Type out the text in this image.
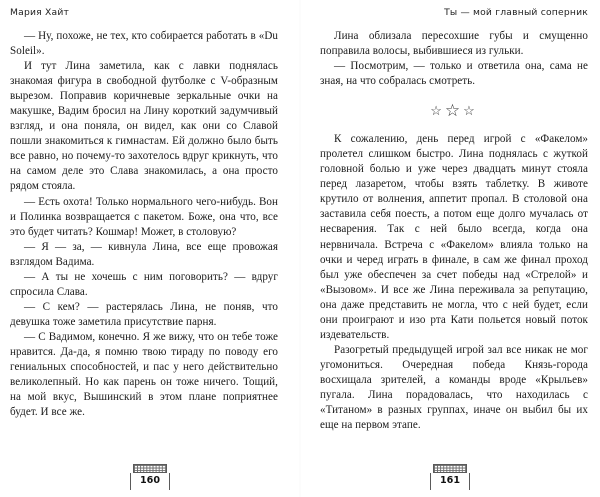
Мария Хайт

— Ну, похоже, не тех, кто собирается работать в «Du Soleil».

И тут Лина заметила, как с лавки поднялась знакомая фигура в свободной футболке с V-образным вырезом. Поправив коричневые зеркальные очки на макушке, Вадим бросил на Лину короткий задумчивый взгляд, и она поняла, он видел, как они со Славой пошли знакомиться к гимнастам. Ей должно было быть все равно, но почему-то захотелось вдруг крикнуть, что на самом деле это Слава знакомилась, а она просто рядом стояла.

— Есть охота! Только нормального чего-нибудь. Вон и Полинка возвращается с пакетом. Боже, она что, все это будет читать? Кошмар! Может, в столовую?

— Я — за, — кивнула Лина, все еще провожая взглядом Вадима.

— А ты не хочешь с ним поговорить? — вдруг спросила Слава.

— С кем? — растерялась Лина, не поняв, что девушка тоже заметила присутствие парня.

— С Вадимом, конечно. Я же вижу, что он тебе тоже нравится. Да-да, я помню твою тираду по поводу его гениальных способностей, и пас у него действительно великолепный. Но как парень он тоже ничего. Тощий, на мой вкус, Вышинский в этом плане поприятнее будет. И все же.

160
Ты — мой главный соперник

Лина облизала пересохшие губы и смущенно поправила волосы, выбившиеся из гульки.

— Посмотрим, — только и ответила она, сама не зная, на что собралась смотреть.

☆☆☆

К сожалению, день перед игрой с «Факелом» пролетел слишком быстро. Лина поднялась с жуткой головной болью и уже через двадцать минут стояла перед лазаретом, чтобы взять таблетку. В животе крутило от волнения, аппетит пропал. В столовой она заставила себя поесть, а потом еще долго мучалась от несварения. Так с ней было всегда, когда она нервничала. Встреча с «Факелом» влияла только на очки и черед играть в финале, в сам же финал проход был уже обеспечен за счет победы над «Стрелой» и «Вызовом». И все же Лина переживала за репутацию, она даже представить не могла, что с ней будет, если они проиграют и изо рта Кати польется новый поток издевательств.

Разогретый предыдущей игрой зал все никак не мог угомониться. Очередная победа Князь-города восхищала зрителей, а команды вроде «Крыльев» пугала. Лина порадовалась, что находилась с «Титаном» в разных группах, иначе он выбил бы их еще на первом этапе.

161
